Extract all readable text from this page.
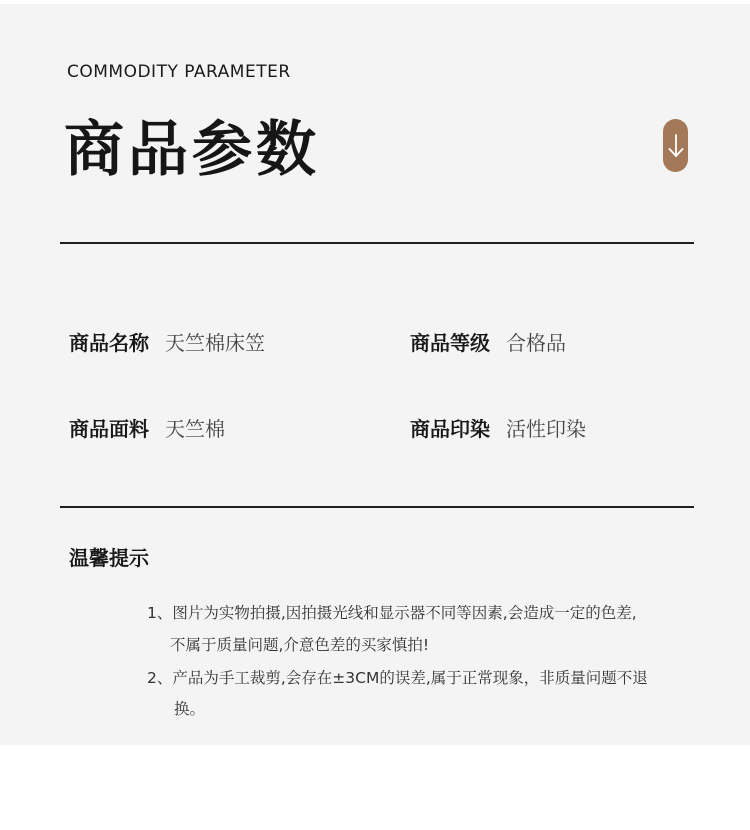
COMMODITY PARAMETER
商品参数
商品名称 天竺棉床笠	商品等级 合格品
商品面料 天竺棉	商品印染 活性印染
温馨提示
1、图片为实物拍摄,因拍摄光线和显示器不同等因素,会造成一定的色差,
不属于质量问题,介意色差的买家慎拍!
2、产品为手工裁剪,会存在±3CM的误差,属于正常现象，非质量问题不退
换。
